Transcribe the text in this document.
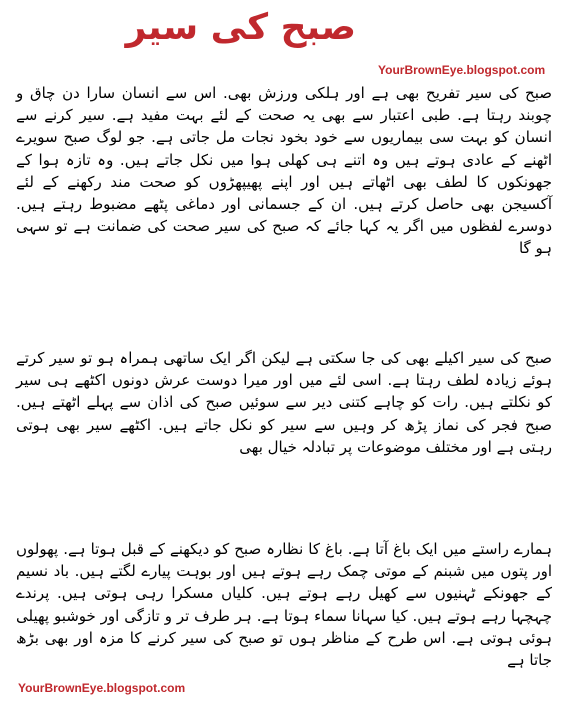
صبح کی سیر
YourBrownEye.blogspot.com

صبح کی سیر تفریح بھی ہے اور ہلکی ورزش بھی. اس سے انسان سارا دن چاق و چوبند رہتا ہے. طبی اعتبار سے بھی یہ صحت کے لئے بہت مفید ہے. سیر کرنے سے انسان کو بہت سی بیماریوں سے خود بخود نجات مل جاتی ہے. جو لوگ صبح سویرے اٹھنے کے عادی ہوتے ہیں وہ اتنے ہی کھلی ہوا میں نکل جاتے ہیں. وہ تازہ ہوا کے جھونکوں کا لطف بھی اٹھاتے ہیں اور اپنے پھیپھڑوں کو صحت مند رکھنے کے لئے آکسیجن بھی حاصل کرتے ہیں. ان کے جسمانی اور دماغی پٹھے مضبوط رہتے ہیں. دوسرے لفظوں میں اگر یہ کہا جائے کہ صبح کی سیر صحت کی ضمانت ہے تو سہی ہو گا

صبح کی سیر اکیلے بھی کی جا سکتی ہے لیکن اگر ایک ساتھی ہمراہ ہو تو سیر کرتے ہوئے زیادہ لطف رہتا ہے. اسی لئے میں اور میرا دوست عرش دونوں اکٹھے ہی سیر کو نکلتے ہیں. رات کو چاہے کتنی دیر سے سوئیں صبح کی اذان سے پہلے اٹھتے ہیں. صبح فجر کی نماز پڑھ کر وہیں سے سیر کو نکل جاتے ہیں. اکٹھے سیر بھی ہوتی رہتی ہے اور مختلف موضوعات پر تبادلہ خیال بھی

ہمارے راستے میں ایک باغ آتا ہے. باغ کا نظارہ صبح کو دیکھنے کے قبل ہوتا ہے. پھولوں اور پتوں میں شبنم کے موتی چمک رہے ہوتے ہیں اور بوہت پیارے لگتے ہیں. باد نسیم کے جھونکے ٹہنیوں سے کھیل رہے ہوتے ہیں. کلیاں مسکرا رہی ہوتی ہیں. پرندے چہچہا رہے ہوتے ہیں. کیا سہانا سماء ہوتا ہے. ہر طرف تر و تازگی اور خوشبو پھیلی ہوئی ہوتی ہے. اس طرح کے مناظر ہوں تو صبح کی سیر کرنے کا مزہ اور بھی بڑھ جاتا ہے

YourBrownEye.blogspot.com
